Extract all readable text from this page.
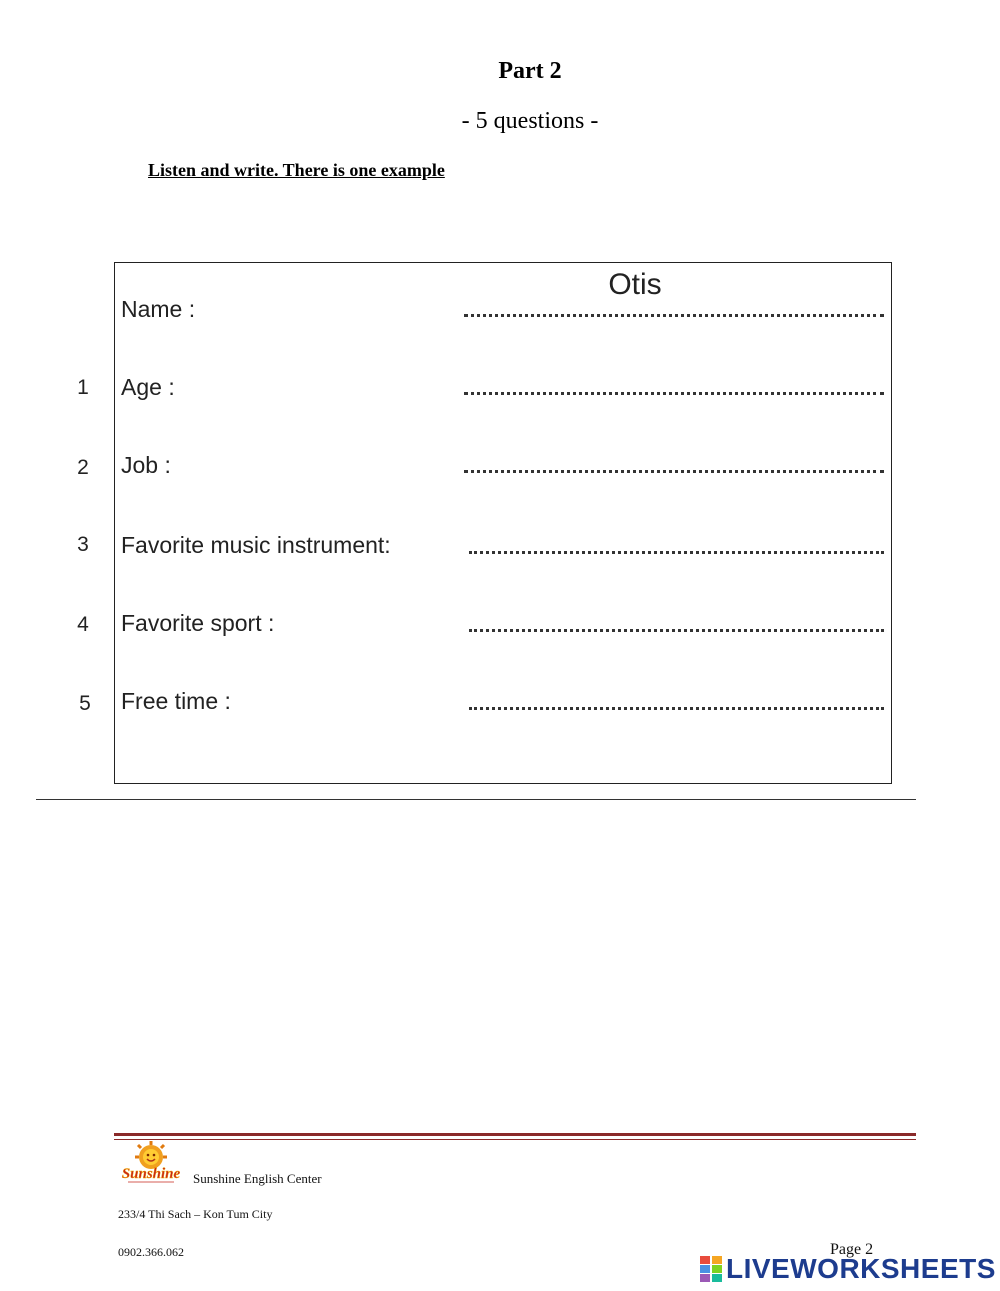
Part 2
- 5 questions -
Listen and write. There is one example
Name :
Otis
1	Age :
2	Job :
3	Favorite music instrument:
4	Favorite sport :
5	Free time :
Sunshine Sunshine English Center
233/4 Thi Sach – Kon Tum City
0902.366.062	Page 2
LIVEWORKSHEETS
